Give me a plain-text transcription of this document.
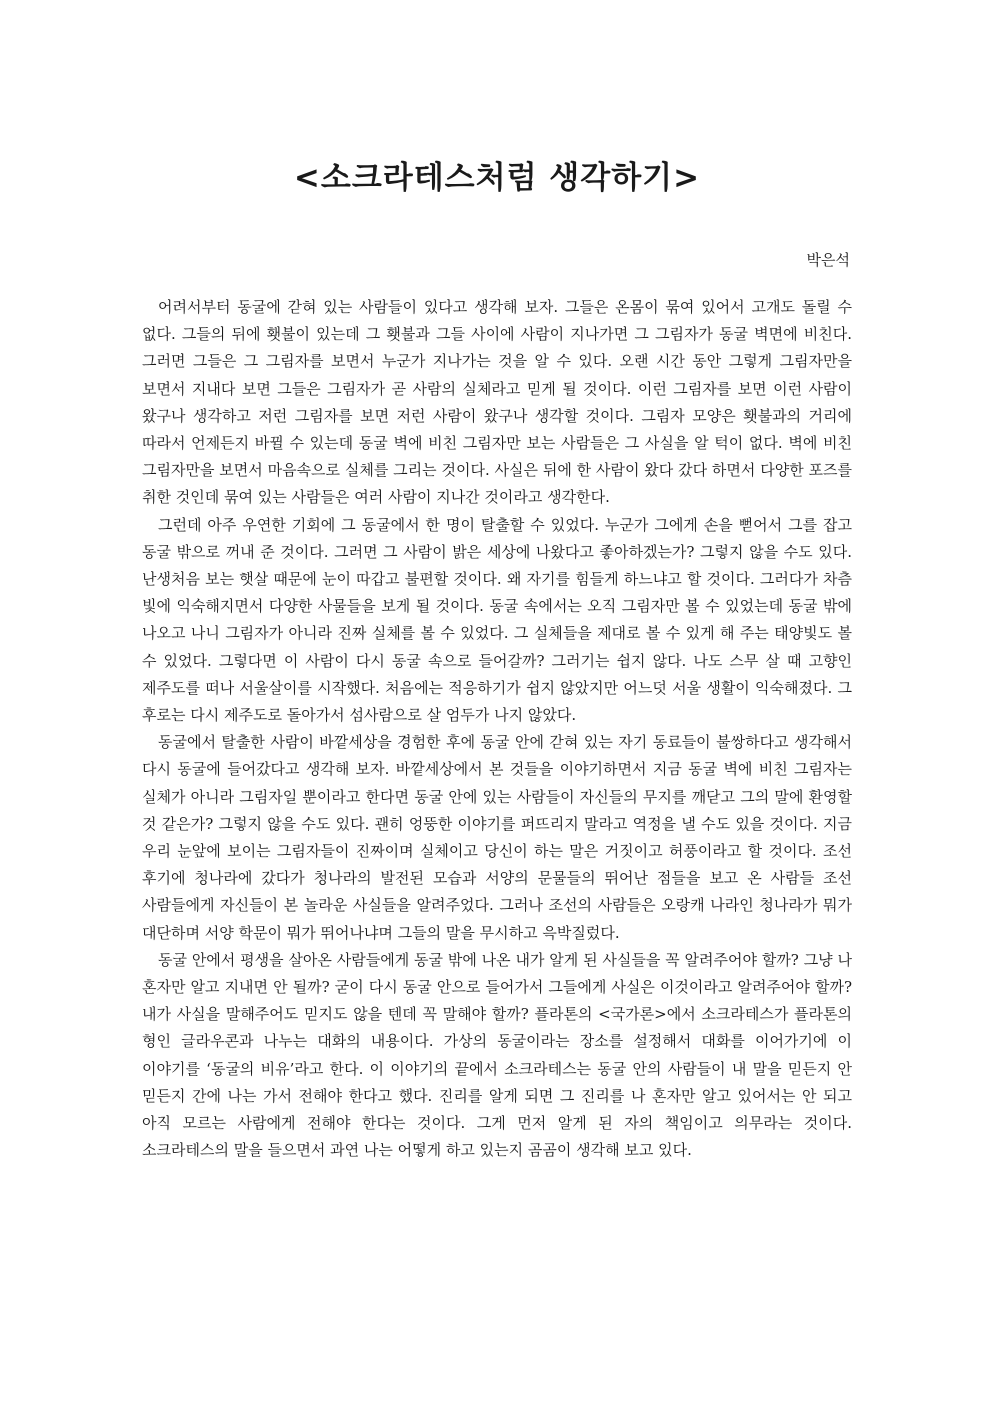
<소크라테스처럼 생각하기>
박은석

어려서부터 동굴에 갇혀 있는 사람들이 있다고 생각해 보자. 그들은 온몸이 묶여 있어서 고개도 돌릴 수 없다. 그들의 뒤에 횃불이 있는데 그 횃불과 그들 사이에 사람이 지나가면 그 그림자가 동굴 벽면에 비친다. 그러면 그들은 그 그림자를 보면서 누군가 지나가는 것을 알 수 있다. 오랜 시간 동안 그렇게 그림자만을 보면서 지내다 보면 그들은 그림자가 곧 사람의 실체라고 믿게 될 것이다. 이런 그림자를 보면 이런 사람이 왔구나 생각하고 저런 그림자를 보면 저런 사람이 왔구나 생각할 것이다. 그림자 모양은 횃불과의 거리에 따라서 언제든지 바뀔 수 있는데 동굴 벽에 비친 그림자만 보는 사람들은 그 사실을 알 턱이 없다. 벽에 비친 그림자만을 보면서 마음속으로 실체를 그리는 것이다. 사실은 뒤에 한 사람이 왔다 갔다 하면서 다양한 포즈를 취한 것인데 묶여 있는 사람들은 여러 사람이 지나간 것이라고 생각한다.

그런데 아주 우연한 기회에 그 동굴에서 한 명이 탈출할 수 있었다. 누군가 그에게 손을 뻗어서 그를 잡고 동굴 밖으로 꺼내 준 것이다. 그러면 그 사람이 밝은 세상에 나왔다고 좋아하겠는가? 그렇지 않을 수도 있다. 난생처음 보는 햇살 때문에 눈이 따갑고 불편할 것이다. 왜 자기를 힘들게 하느냐고 할 것이다. 그러다가 차츰 빛에 익숙해지면서 다양한 사물들을 보게 될 것이다. 동굴 속에서는 오직 그림자만 볼 수 있었는데 동굴 밖에 나오고 나니 그림자가 아니라 진짜 실체를 볼 수 있었다. 그 실체들을 제대로 볼 수 있게 해 주는 태양빛도 볼 수 있었다. 그렇다면 이 사람이 다시 동굴 속으로 들어갈까? 그러기는 쉽지 않다. 나도 스무 살 때 고향인 제주도를 떠나 서울살이를 시작했다. 처음에는 적응하기가 쉽지 않았지만 어느덧 서울 생활이 익숙해졌다. 그 후로는 다시 제주도로 돌아가서 섬사람으로 살 엄두가 나지 않았다.

동굴에서 탈출한 사람이 바깥세상을 경험한 후에 동굴 안에 갇혀 있는 자기 동료들이 불쌍하다고 생각해서 다시 동굴에 들어갔다고 생각해 보자. 바깥세상에서 본 것들을 이야기하면서 지금 동굴 벽에 비친 그림자는 실체가 아니라 그림자일 뿐이라고 한다면 동굴 안에 있는 사람들이 자신들의 무지를 깨닫고 그의 말에 환영할 것 같은가? 그렇지 않을 수도 있다. 괜히 엉뚱한 이야기를 퍼뜨리지 말라고 역정을 낼 수도 있을 것이다. 지금 우리 눈앞에 보이는 그림자들이 진짜이며 실체이고 당신이 하는 말은 거짓이고 허풍이라고 할 것이다. 조선 후기에 청나라에 갔다가 청나라의 발전된 모습과 서양의 문물들의 뛰어난 점들을 보고 온 사람들 조선 사람들에게 자신들이 본 놀라운 사실들을 알려주었다. 그러나 조선의 사람들은 오랑캐 나라인 청나라가 뭐가 대단하며 서양 학문이 뭐가 뛰어나냐며 그들의 말을 무시하고 윽박질렀다.

동굴 안에서 평생을 살아온 사람들에게 동굴 밖에 나온 내가 알게 된 사실들을 꼭 알려주어야 할까? 그냥 나 혼자만 알고 지내면 안 될까? 굳이 다시 동굴 안으로 들어가서 그들에게 사실은 이것이라고 알려주어야 할까? 내가 사실을 말해주어도 믿지도 않을 텐데 꼭 말해야 할까? 플라톤의 <국가론>에서 소크라테스가 플라톤의 형인 글라우콘과 나누는 대화의 내용이다. 가상의 동굴이라는 장소를 설정해서 대화를 이어가기에 이 이야기를 ‘동굴의 비유’라고 한다. 이 이야기의 끝에서 소크라테스는 동굴 안의 사람들이 내 말을 믿든지 안 믿든지 간에 나는 가서 전해야 한다고 했다. 진리를 알게 되면 그 진리를 나 혼자만 알고 있어서는 안 되고 아직 모르는 사람에게 전해야 한다는 것이다. 그게 먼저 알게 된 자의 책임이고 의무라는 것이다. 소크라테스의 말을 들으면서 과연 나는 어떻게 하고 있는지 곰곰이 생각해 보고 있다.
